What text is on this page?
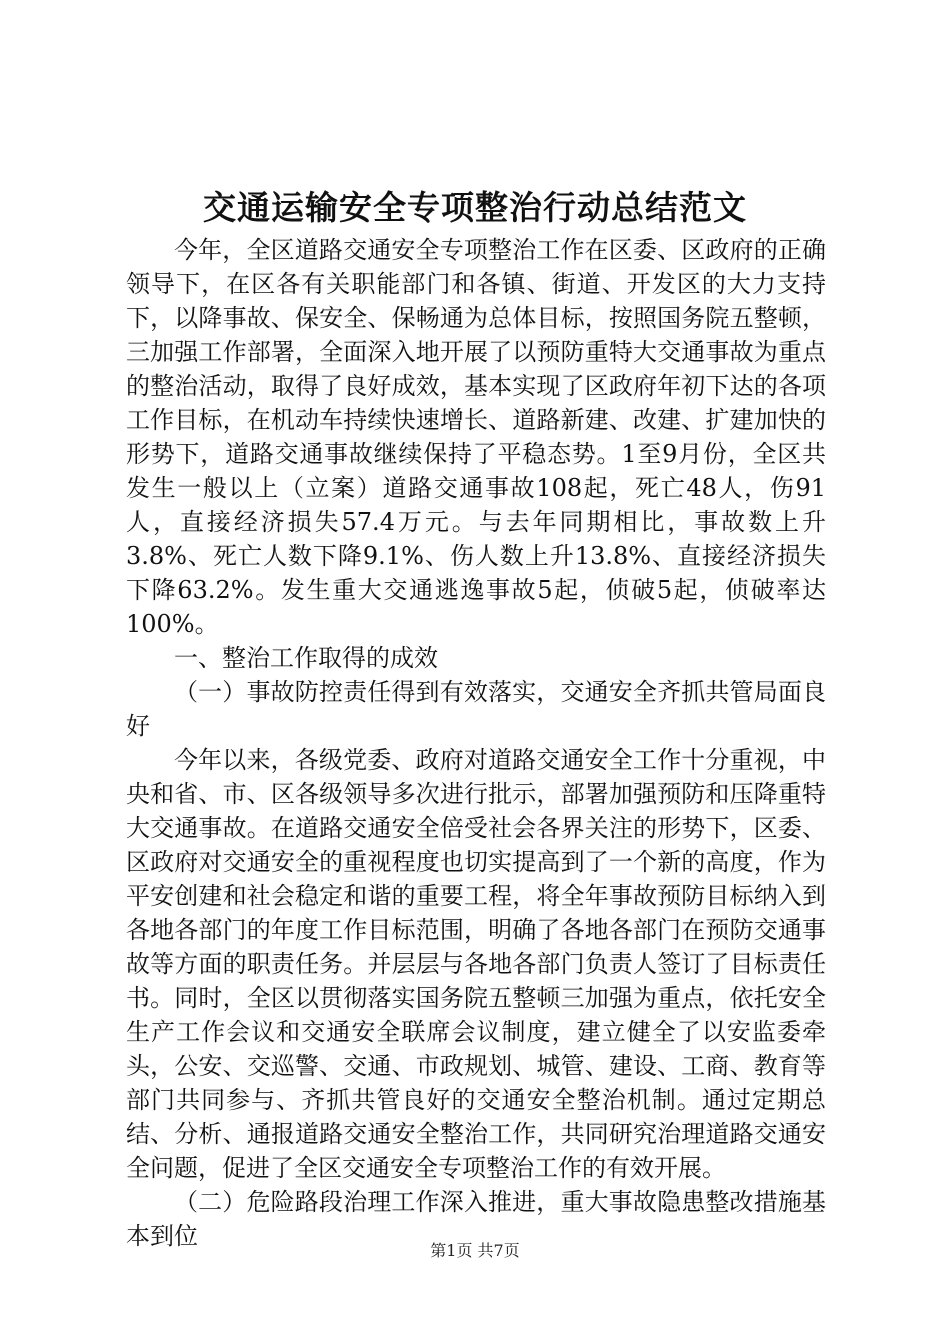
交通运输安全专项整治行动总结范文

今年，全区道路交通安全专项整治工作在区委、区政府的正确领导下，在区各有关职能部门和各镇、街道、开发区的大力支持下，以降事故、保安全、保畅通为总体目标，按照国务院五整顿，三加强工作部署，全面深入地开展了以预防重特大交通事故为重点的整治活动，取得了良好成效，基本实现了区政府年初下达的各项工作目标，在机动车持续快速增长、道路新建、改建、扩建加快的形势下，道路交通事故继续保持了平稳态势。1至9月份，全区共发生一般以上（立案）道路交通事故108起，死亡48人，伤91人，直接经济损失57.4万元。与去年同期相比，事故数上升3.8%、死亡人数下降9.1%、伤人数上升13.8%、直接经济损失下降63.2%。发生重大交通逃逸事故5起，侦破5起，侦破率达100%。

一、整治工作取得的成效

（一）事故防控责任得到有效落实，交通安全齐抓共管局面良好

今年以来，各级党委、政府对道路交通安全工作十分重视，中央和省、市、区各级领导多次进行批示，部署加强预防和压降重特大交通事故。在道路交通安全倍受社会各界关注的形势下，区委、区政府对交通安全的重视程度也切实提高到了一个新的高度，作为平安创建和社会稳定和谐的重要工程，将全年事故预防目标纳入到各地各部门的年度工作目标范围，明确了各地各部门在预防交通事故等方面的职责任务。并层层与各地各部门负责人签订了目标责任书。同时，全区以贯彻落实国务院五整顿三加强为重点，依托安全生产工作会议和交通安全联席会议制度，建立健全了以安监委牵头，公安、交巡警、交通、市政规划、城管、建设、工商、教育等部门共同参与、齐抓共管良好的交通安全整治机制。通过定期总结、分析、通报道路交通安全整治工作，共同研究治理道路交通安全问题，促进了全区交通安全专项整治工作的有效开展。

（二）危险路段治理工作深入推进，重大事故隐患整改措施基本到位

第1页 共7页
